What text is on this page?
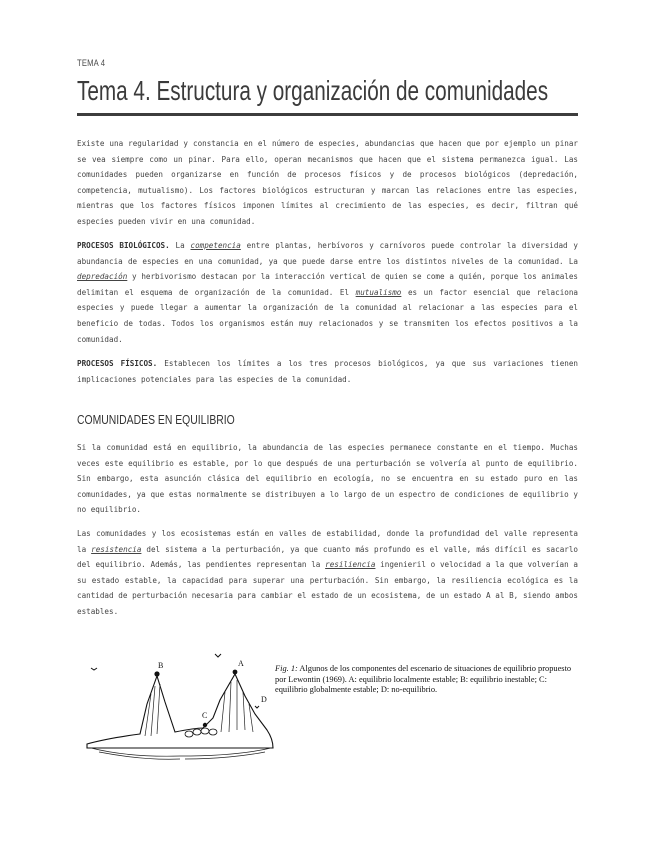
TEMA 4
Tema 4. Estructura y organización de comunidades

Existe una regularidad y constancia en el número de especies, abundancias que hacen que por ejemplo un pinar se vea siempre como un pinar. Para ello, operan mecanismos que hacen que el sistema permanezca igual. Las comunidades pueden organizarse en función de procesos físicos y de procesos biológicos (depredación, competencia, mutualismo). Los factores biológicos estructuran y marcan las relaciones entre las especies, mientras que los factores físicos imponen límites al crecimiento de las especies, es decir, filtran qué especies pueden vivir en una comunidad.

PROCESOS BIOLÓGICOS. La competencia entre plantas, herbívoros y carnívoros puede controlar la diversidad y abundancia de especies en una comunidad, ya que puede darse entre los distintos niveles de la comunidad. La depredación y herbivorismo destacan por la interacción vertical de quien se come a quién, porque los animales delimitan el esquema de organización de la comunidad. El mutualismo es un factor esencial que relaciona especies y puede llegar a aumentar la organización de la comunidad al relacionar a las especies para el beneficio de todas. Todos los organismos están muy relacionados y se transmiten los efectos positivos a la comunidad.

PROCESOS FÍSICOS. Establecen los límites a los tres procesos biológicos, ya que sus variaciones tienen implicaciones potenciales para las especies de la comunidad.

COMUNIDADES EN EQUILIBRIO

Si la comunidad está en equilibrio, la abundancia de las especies permanece constante en el tiempo. Muchas veces este equilibrio es estable, por lo que después de una perturbación se volvería al punto de equilibrio. Sin embargo, esta asunción clásica del equilibrio en ecología, no se encuentra en su estado puro en las comunidades, ya que estas normalmente se distribuyen a lo largo de un espectro de condiciones de equilibrio y no equilibrio.

Las comunidades y los ecosistemas están en valles de estabilidad, donde la profundidad del valle representa la resistencia del sistema a la perturbación, ya que cuanto más profundo es el valle, más difícil es sacarlo del equilibrio. Además, las pendientes representan la resiliencia ingenieril o velocidad a la que volverían a su estado estable, la capacidad para superar una perturbación. Sin embargo, la resiliencia ecológica es la cantidad de perturbación necesaria para cambiar el estado de un ecosistema, de un estado A al B, siendo ambos estables.

B	A
C
D
Fig. 1: Algunos de los componentes del escenario de situaciones de equilibrio propuesto por Lewontin (1969). A: equilibrio localmente estable; B: equilibrio inestable; C: equilibrio globalmente estable; D: no-equilibrio.
